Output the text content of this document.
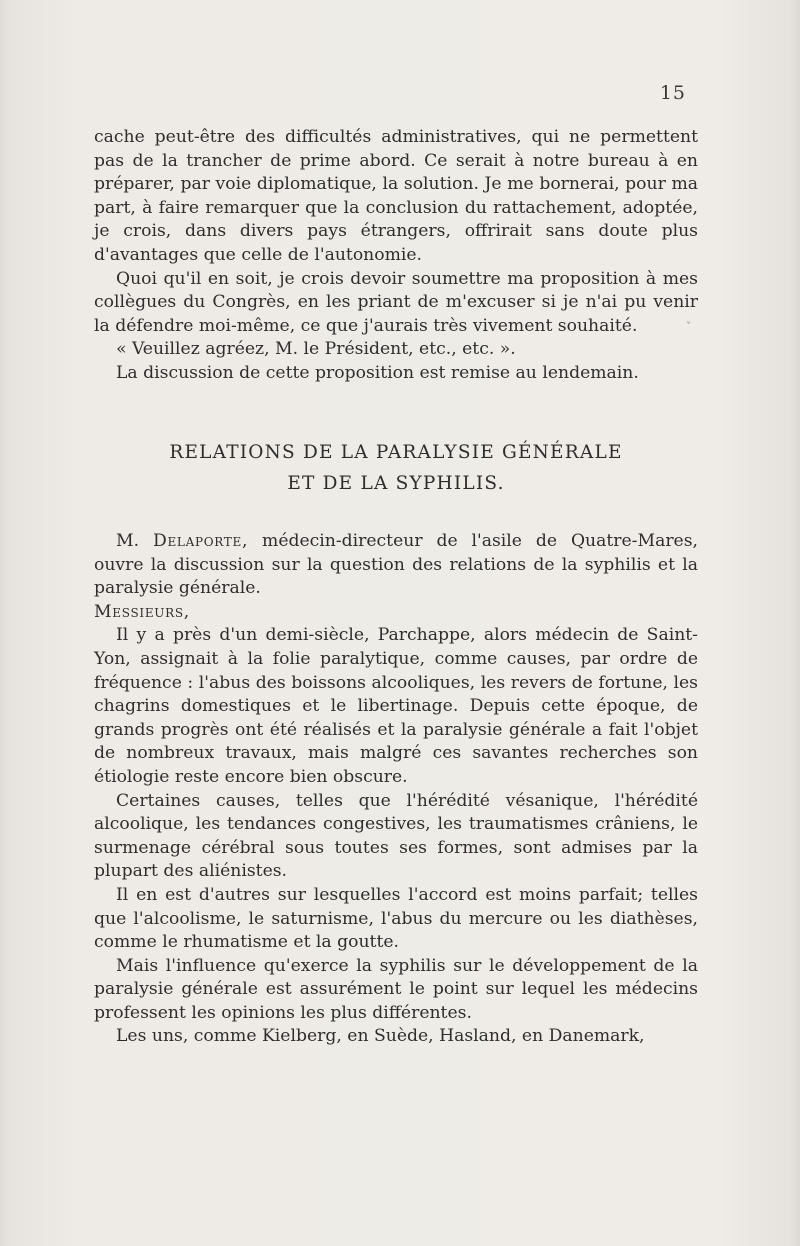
15

cache peut-être des difficultés administratives, qui ne permettent pas de la trancher de prime abord. Ce serait à notre bureau à en préparer, par voie diplomatique, la solution. Je me bornerai, pour ma part, à faire remarquer que la conclusion du rattachement, adoptée, je crois, dans divers pays étrangers, offrirait sans doute plus d'avantages que celle de l'autonomie.

Quoi qu'il en soit, je crois devoir soumettre ma proposition à mes collègues du Congrès, en les priant de m'excuser si je n'ai pu venir la défendre moi-même, ce que j'aurais très vivement souhaité.

« Veuillez agréez, M. le Président, etc., etc. ».

La discussion de cette proposition est remise au lendemain.

ˇ
RELATIONS DE LA PARALYSIE GÉNÉRALE
ET DE LA SYPHILIS.

M. Delaporte, médecin-directeur de l'asile de Quatre-Mares, ouvre la discussion sur la question des relations de la syphilis et la paralysie générale.

Messieurs,

Il y a près d'un demi-siècle, Parchappe, alors médecin de Saint-Yon, assignait à la folie paralytique, comme causes, par ordre de fréquence : l'abus des boissons alcooliques, les revers de fortune, les chagrins domestiques et le libertinage. Depuis cette époque, de grands progrès ont été réalisés et la paralysie générale a fait l'objet de nombreux travaux, mais malgré ces savantes recherches son étiologie reste encore bien obscure.

Certaines causes, telles que l'hérédité vésanique, l'hérédité alcoolique, les tendances congestives, les traumatismes crâniens, le surmenage cérébral sous toutes ses formes, sont admises par la plupart des aliénistes.

Il en est d'autres sur lesquelles l'accord est moins parfait; telles que l'alcoolisme, le saturnisme, l'abus du mercure ou les diathèses, comme le rhumatisme et la goutte.

Mais l'influence qu'exerce la syphilis sur le développement de la paralysie générale est assurément le point sur lequel les médecins professent les opinions les plus différentes.

Les uns, comme Kielberg, en Suède, Hasland, en Danemark,
